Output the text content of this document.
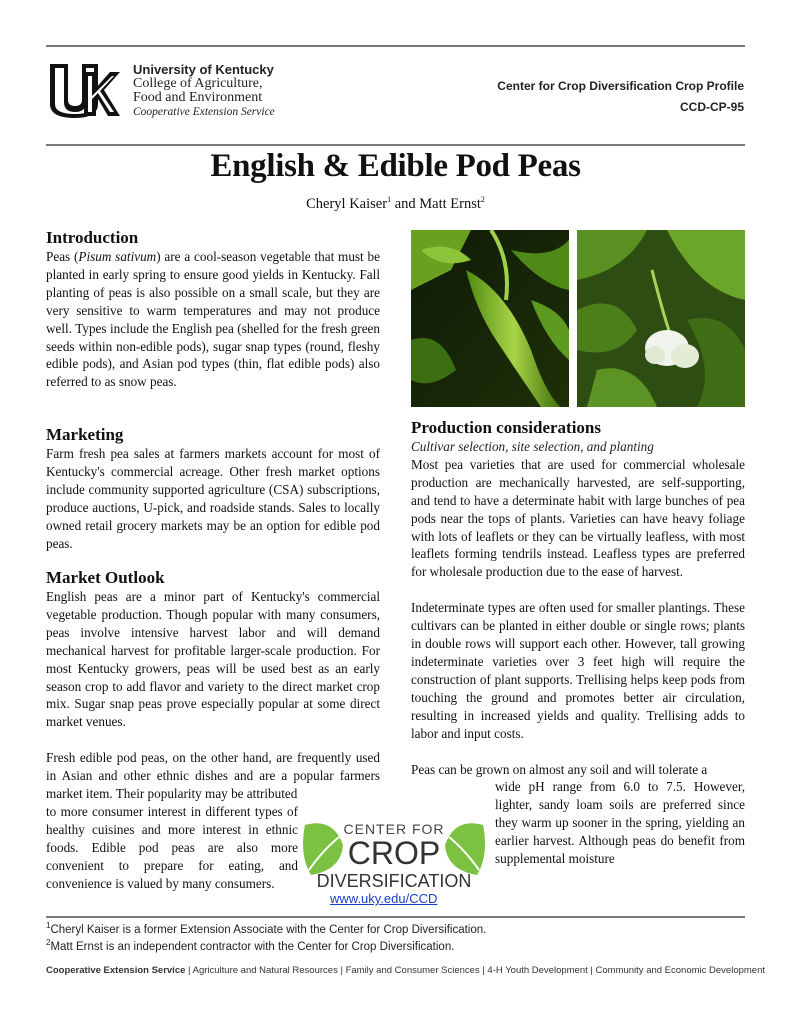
University of Kentucky
College of Agriculture,
Food and Environment
Cooperative Extension Service
Center for Crop Diversification Crop Profile
CCD-CP-95
English & Edible Pod Peas
Cheryl Kaiser$^1$ and Matt Ernst$^2$
Introduction
Peas (Pisum sativum) are a cool-season vegetable that must be planted in early spring to ensure good yields in Kentucky. Fall planting of peas is also possible on a small scale, but they are very sensitive to warm temperatures and may not produce well. Types include the English pea (shelled for the fresh green seeds within non-edible pods), sugar snap types (round, fleshy edible pods), and Asian pod types (thin, flat edible pods) also referred to as snow peas.
Marketing
Farm fresh pea sales at farmers markets account for most of Kentucky's commercial acreage. Other fresh market options include community supported agriculture (CSA) subscriptions, produce auctions, U-pick, and roadside stands. Sales to locally owned retail grocery markets may be an option for edible pod peas.
Market Outlook
English peas are a minor part of Kentucky's commercial vegetable production. Though popular with many consumers, peas involve intensive harvest labor and will demand mechanical harvest for profitable larger-scale production. For most Kentucky growers, peas will be used best as an early season crop to add flavor and variety to the direct market crop mix. Sugar snap peas prove especially popular at some direct market venues.
Fresh edible pod peas, on the other hand, are frequently used in Asian and other ethnic dishes and are a popular farmers market item. Their popularity may be attributed
to more consumer interest in different types of healthy cuisines and more interest in ethnic foods. Edible pod peas are also more convenient to prepare for eating, and convenience is valued by many consumers.
Production considerations
Cultivar selection, site selection, and planting
Most pea varieties that are used for commercial wholesale production are mechanically harvested, are self-supporting, and tend to have a determinate habit with large bunches of pea pods near the tops of plants. Varieties can have heavy foliage with lots of leaflets or they can be virtually leafless, with most leaflets forming tendrils instead. Leafless types are preferred for wholesale production due to the ease of harvest.
Indeterminate types are often used for smaller plantings. These cultivars can be planted in either double or single rows; plants in double rows will support each other. However, tall growing indeterminate varieties over 3 feet high will require the construction of plant supports. Trellising helps keep pods from touching the ground and promotes better air circulation, resulting in increased yields and quality. Trellising adds to labor and input costs.
Peas can be grown on almost any soil and will tolerate a
wide pH range from 6.0 to 7.5. However, lighter, sandy loam soils are preferred since they warm up sooner in the spring, yielding an earlier harvest. Although peas do benefit from supplemental moisture
CENTER FOR
CROP
DIVERSIFICATION
www.uky.edu/CCD
$^1$Cheryl Kaiser is a former Extension Associate with the Center for Crop Diversification.
$^2$Matt Ernst is an independent contractor with the Center for Crop Diversification.
Cooperative Extension Service | Agriculture and Natural Resources | Family and Consumer Sciences | 4-H Youth Development | Community and Economic Development
